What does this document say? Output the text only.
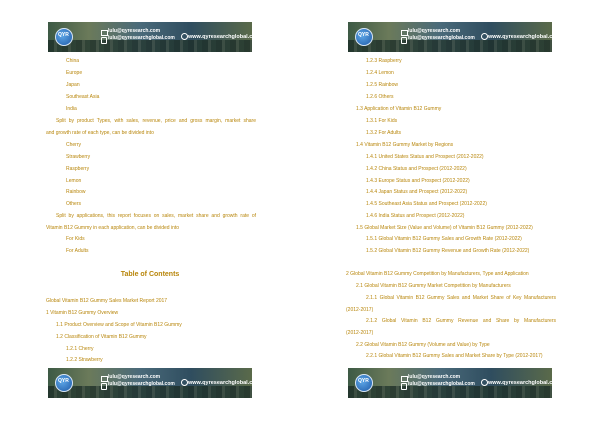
QYR
lulu@qyresearch.com
lulu@qyresearchglobal.com www.qyresearchglobal.com
China
Europe
Japan
Southeast Asia
India
Split by product Types, with sales, revenue, price and gross margin, market share
and growth rate of each type, can be divided into
Cherry
Strawberry
Raspberry
Lemon
Rainbow
Others
Split by applications, this report focuses on sales, market share and growth rate of
Vitamin B12 Gummy in each application, can be divided into
For Kids
For Adults
Table of Contents
Global Vitamin B12 Gummy Sales Market Report 2017
1 Vitamin B12 Gummy Overview
1.1 Product Overview and Scope of Vitamin B12 Gummy
1.2 Classification of Vitamin B12 Gummy
1.2.1 Cherry
1.2.2 Strawberry
QYR
lulu@qyresearch.com
lulu@qyresearchglobal.com www.qyresearchglobal.com
QYR
lulu@qyresearch.com
lulu@qyresearchglobal.com www.qyresearchglobal.com
1.2.3 Raspberry
1.2.4 Lemon
1.2.5 Rainbow
1.2.6 Others
1.3 Application of Vitamin B12 Gummy
1.3.1 For Kids
1.3.2 For Adults
1.4 Vitamin B12 Gummy Market by Regions
1.4.1 United States Status and Prospect (2012-2022)
1.4.2 China Status and Prospect (2012-2022)
1.4.3 Europe Status and Prospect (2012-2022)
1.4.4 Japan Status and Prospect (2012-2022)
1.4.5 Southeast Asia Status and Prospect (2012-2022)
1.4.6 India Status and Prospect (2012-2022)
1.5 Global Market Size (Value and Volume) of Vitamin B12 Gummy (2012-2022)
1.5.1 Global Vitamin B12 Gummy Sales and Growth Rate (2012-2022)
1.5.2 Global Vitamin B12 Gummy Revenue and Growth Rate (2012-2022)
2 Global Vitamin B12 Gummy Competition by Manufacturers, Type and Application
2.1 Global Vitamin B12 Gummy Market Competition by Manufacturers
2.1.1 Global Vitamin B12 Gummy Sales and Market Share of Key Manufacturers
(2012-2017)
2.1.2 Global Vitamin B12 Gummy Revenue and Share by Manufacturers
(2012-2017)
2.2 Global Vitamin B12 Gummy (Volume and Value) by Type
2.2.1 Global Vitamin B12 Gummy Sales and Market Share by Type (2012-2017)
QYR
lulu@qyresearch.com
lulu@qyresearchglobal.com www.qyresearchglobal.com
